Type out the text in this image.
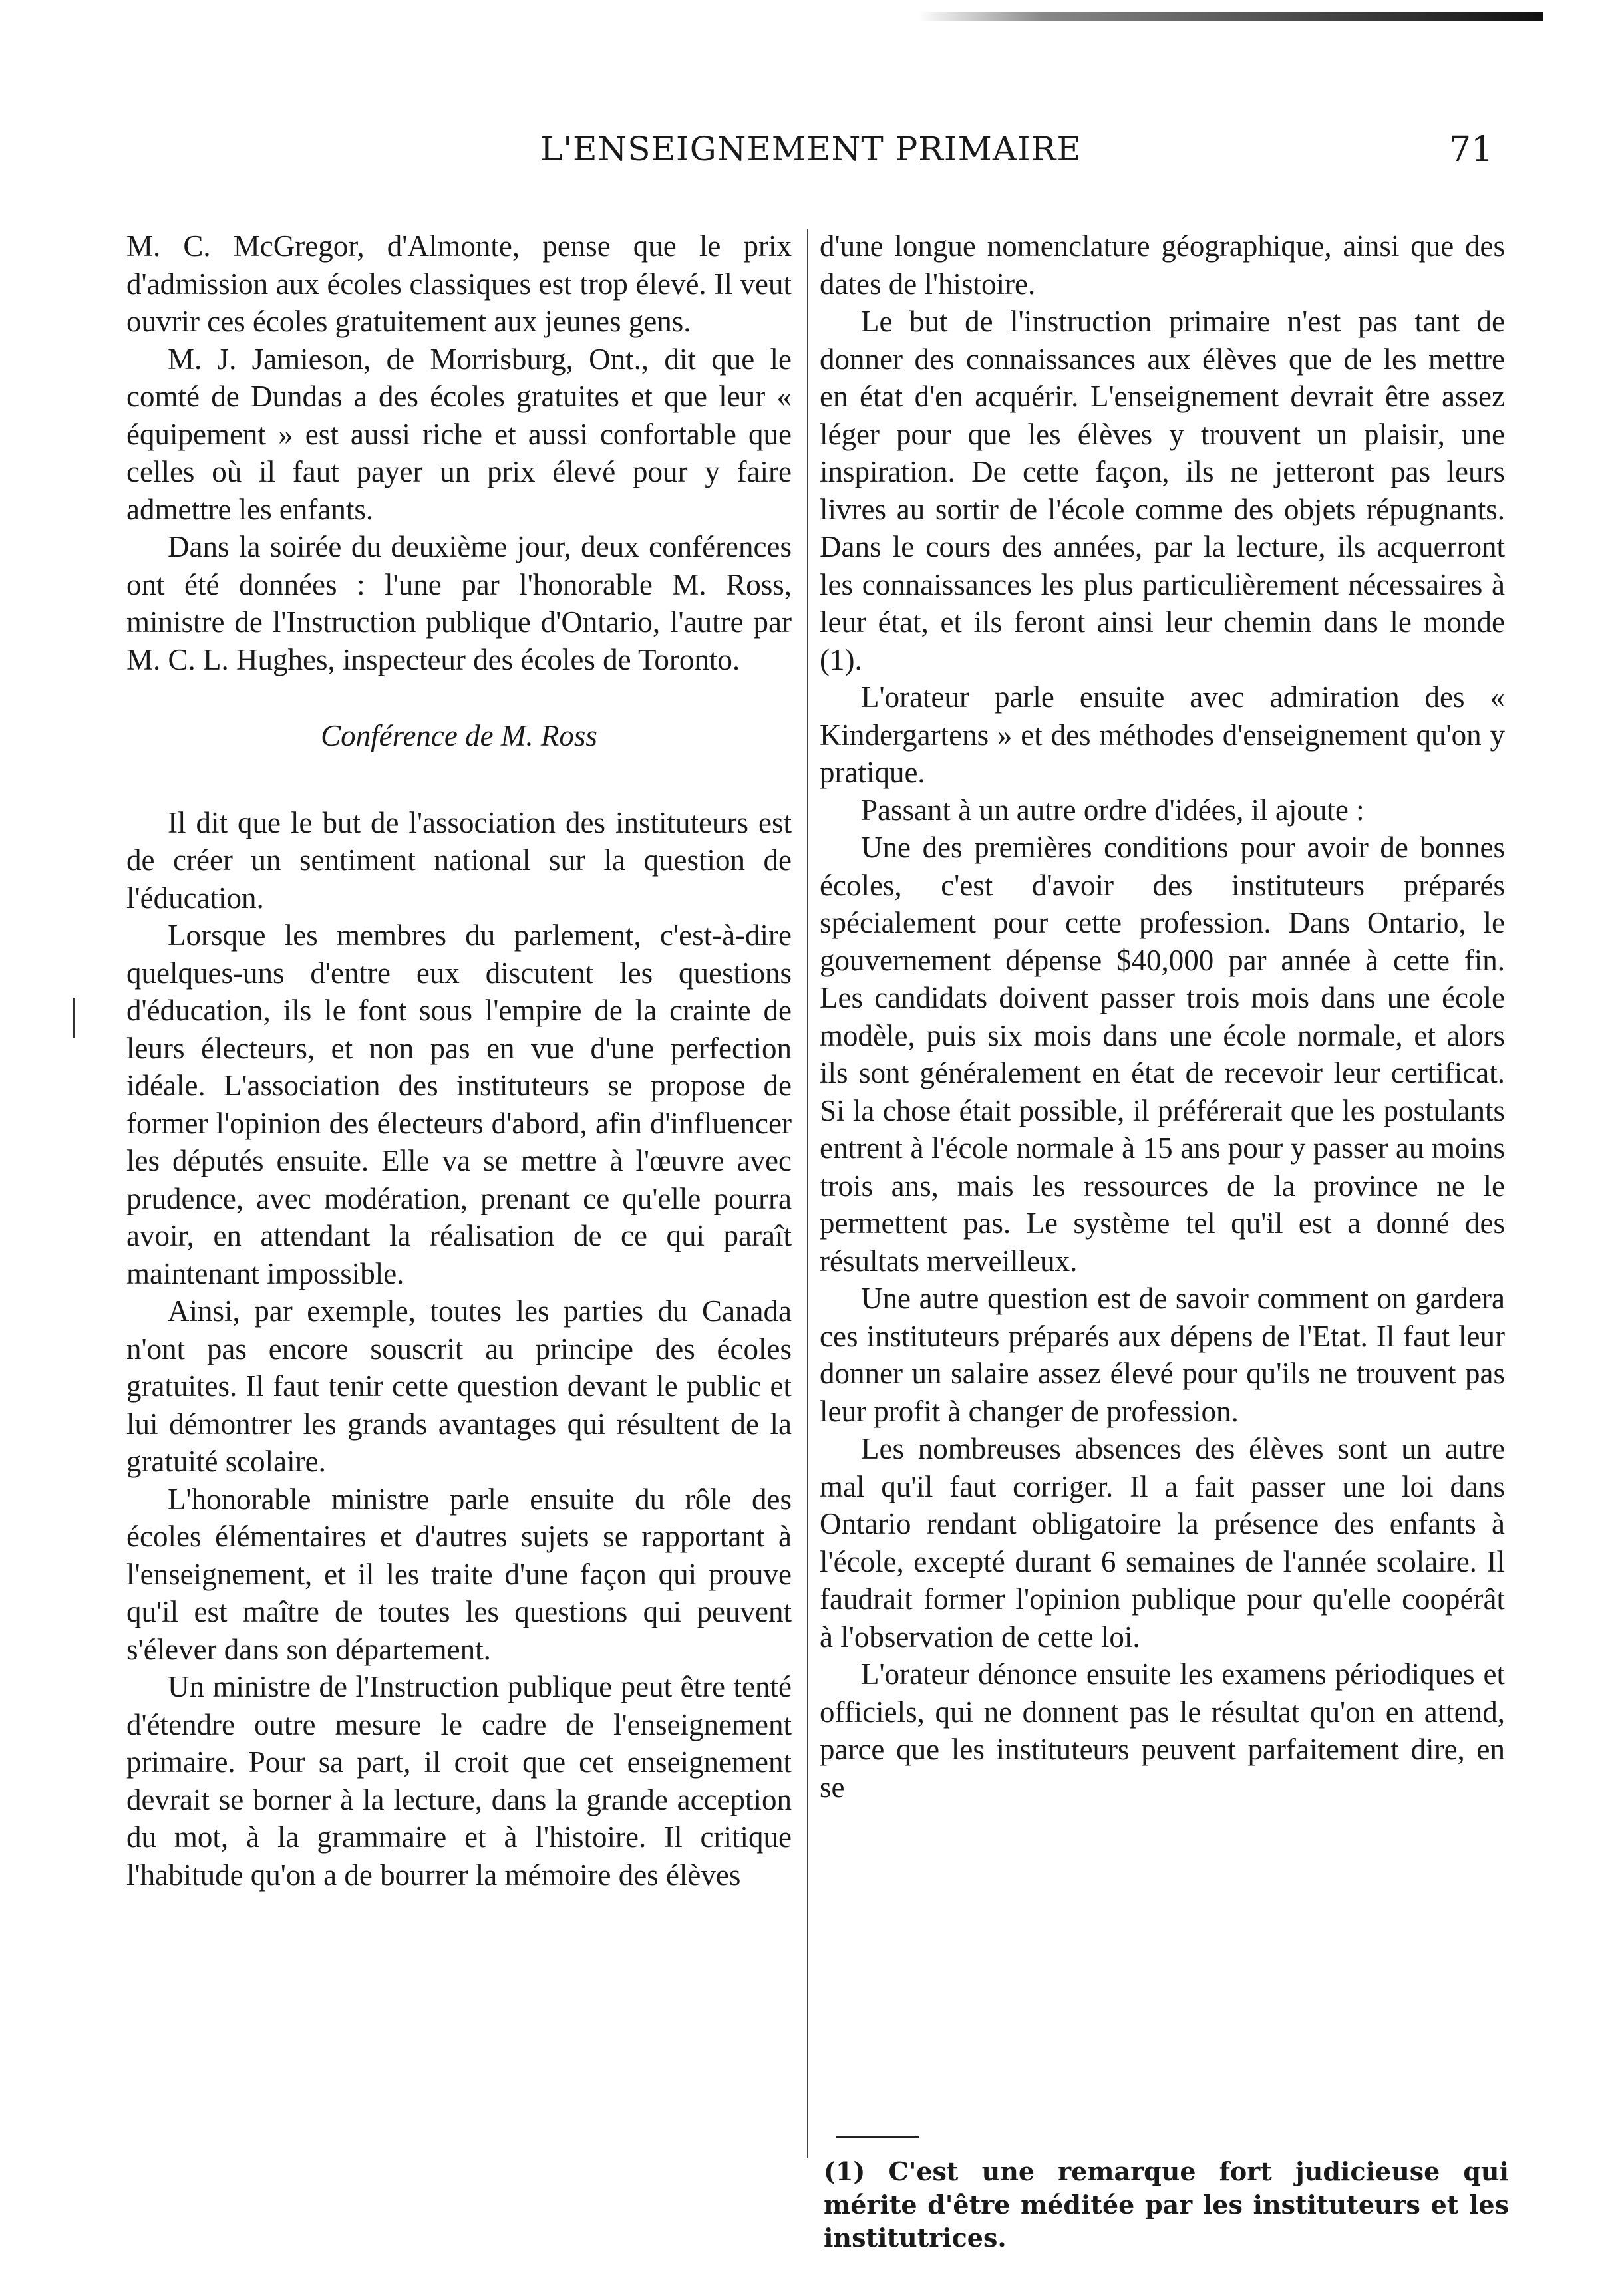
L'ENSEIGNEMENT PRIMAIRE	71

M. C. McGregor, d'Almonte, pense que le prix d'admission aux écoles classiques est trop élevé. Il veut ouvrir ces écoles gratuitement aux jeunes gens.

M. J. Jamieson, de Morrisburg, Ont., dit que le comté de Dundas a des écoles gratuites et que leur « équipement » est aussi riche et aussi confortable que celles où il faut payer un prix élevé pour y faire admettre les enfants.

Dans la soirée du deuxième jour, deux conférences ont été données : l'une par l'honorable M. Ross, ministre de l'Instruction publique d'Ontario, l'autre par M. C. L. Hughes, inspecteur des écoles de Toronto.

Conférence de M. Ross

Il dit que le but de l'association des instituteurs est de créer un sentiment national sur la question de l'éducation.

Lorsque les membres du parlement, c'est-à-dire quelques-uns d'entre eux discutent les questions d'éducation, ils le font sous l'empire de la crainte de leurs électeurs, et non pas en vue d'une perfection idéale. L'association des instituteurs se propose de former l'opinion des électeurs d'abord, afin d'influencer les députés ensuite. Elle va se mettre à l'œuvre avec prudence, avec modération, prenant ce qu'elle pourra avoir, en attendant la réalisation de ce qui paraît maintenant impossible.

Ainsi, par exemple, toutes les parties du Canada n'ont pas encore souscrit au principe des écoles gratuites. Il faut tenir cette question devant le public et lui démontrer les grands avantages qui résultent de la gratuité scolaire.

L'honorable ministre parle ensuite du rôle des écoles élémentaires et d'autres sujets se rapportant à l'enseignement, et il les traite d'une façon qui prouve qu'il est maître de toutes les questions qui peuvent s'élever dans son département.

Un ministre de l'Instruction publique peut être tenté d'étendre outre mesure le cadre de l'enseignement primaire. Pour sa part, il croit que cet enseignement devrait se borner à la lecture, dans la grande acception du mot, à la grammaire et à l'histoire. Il critique l'habitude qu'on a de bourrer la mémoire des élèves

d'une longue nomenclature géographique, ainsi que des dates de l'histoire.

Le but de l'instruction primaire n'est pas tant de donner des connaissances aux élèves que de les mettre en état d'en acquérir. L'enseignement devrait être assez léger pour que les élèves y trouvent un plaisir, une inspiration. De cette façon, ils ne jetteront pas leurs livres au sortir de l'école comme des objets répugnants. Dans le cours des années, par la lecture, ils acquerront les connaissances les plus particulièrement nécessaires à leur état, et ils feront ainsi leur chemin dans le monde (1).

L'orateur parle ensuite avec admiration des « Kindergartens » et des méthodes d'enseignement qu'on y pratique.

Passant à un autre ordre d'idées, il ajoute :

Une des premières conditions pour avoir de bonnes écoles, c'est d'avoir des instituteurs préparés spécialement pour cette profession. Dans Ontario, le gouvernement dépense $40,000 par année à cette fin. Les candidats doivent passer trois mois dans une école modèle, puis six mois dans une école normale, et alors ils sont généralement en état de recevoir leur certificat. Si la chose était possible, il préférerait que les postulants entrent à l'école normale à 15 ans pour y passer au moins trois ans, mais les ressources de la province ne le permettent pas. Le système tel qu'il est a donné des résultats merveilleux.

Une autre question est de savoir comment on gardera ces instituteurs préparés aux dépens de l'Etat. Il faut leur donner un salaire assez élevé pour qu'ils ne trouvent pas leur profit à changer de profession.

Les nombreuses absences des élèves sont un autre mal qu'il faut corriger. Il a fait passer une loi dans Ontario rendant obligatoire la présence des enfants à l'école, excepté durant 6 semaines de l'année scolaire. Il faudrait former l'opinion publique pour qu'elle coopérât à l'observation de cette loi.

L'orateur dénonce ensuite les examens périodiques et officiels, qui ne donnent pas le résultat qu'on en attend, parce que les instituteurs peuvent parfaitement dire, en se

(1) C'est une remarque fort judicieuse qui mérite d'être méditée par les instituteurs et les institutrices.
